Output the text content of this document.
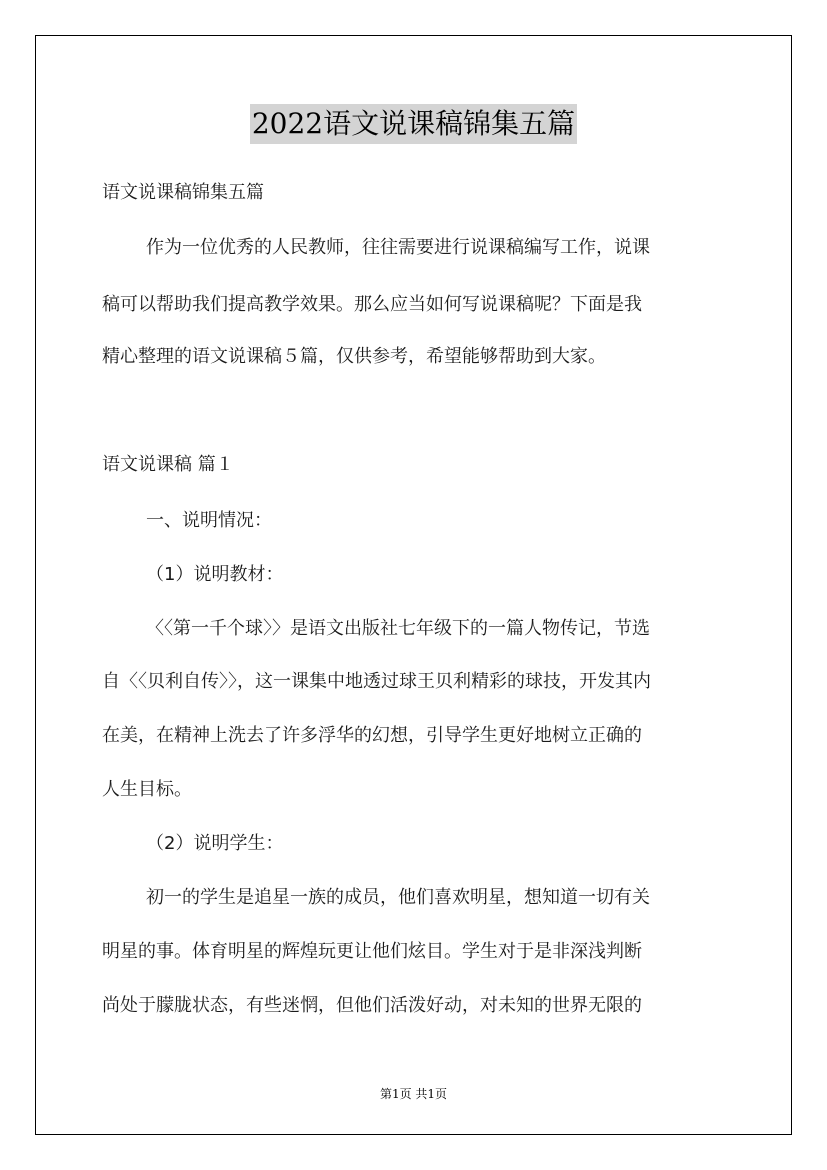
2022语文说课稿锦集五篇
语文说课稿锦集五篇
作为一位优秀的人民教师，往往需要进行说课稿编写工作，说课
稿可以帮助我们提高教学效果。那么应当如何写说课稿呢？下面是我
精心整理的语文说课稿５篇，仅供参考，希望能够帮助到大家。
语文说课稿 篇１
一、说明情况：
（1）说明教材：
〈〈第一千个球〉〉是语文出版社七年级下的一篇人物传记，节选
自〈〈贝利自传〉〉，这一课集中地透过球王贝利精彩的球技，开发其内
在美，在精神上洗去了许多浮华的幻想，引导学生更好地树立正确的
人生目标。
（2）说明学生：
初一的学生是追星一族的成员，他们喜欢明星，想知道一切有关
明星的事。体育明星的辉煌玩更让他们炫目。学生对于是非深浅判断
尚处于朦胧状态，有些迷惘，但他们活泼好动，对未知的世界无限的
第1页 共1页
